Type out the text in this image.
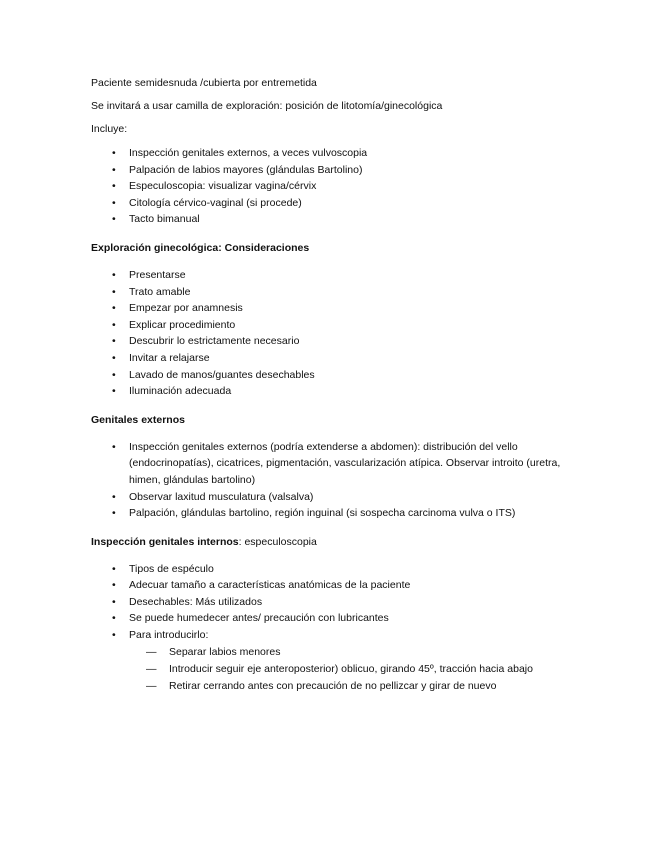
Paciente semidesnuda /cubierta por entremetida

Se invitará a usar camilla de exploración: posición de litotomía/ginecológica

Incluye:

• Inspección genitales externos, a veces vulvoscopia
• Palpación de labios mayores (glándulas Bartolino)
• Especuloscopia: visualizar vagina/cérvix
• Citología cérvico-vaginal (si procede)
• Tacto bimanual

Exploración ginecológica: Consideraciones

• Presentarse
• Trato amable
• Empezar por anamnesis
• Explicar procedimiento
• Descubrir lo estrictamente necesario
• Invitar a relajarse
• Lavado de manos/guantes desechables
• Iluminación adecuada

Genitales externos

• Inspección genitales externos (podría extenderse a abdomen): distribución del vello (endocrinopatías), cicatrices, pigmentación, vascularización atípica. Observar introito (uretra, himen, glándulas bartolino)
• Observar laxitud musculatura (valsalva)
• Palpación, glándulas bartolino, región inguinal (si sospecha carcinoma vulva o ITS)

Inspección genitales internos: especuloscopia

• Tipos de espéculo
• Adecuar tamaño a características anatómicas de la paciente
• Desechables: Más utilizados
• Se puede humedecer antes/ precaución con lubricantes
• Para introducirlo:
— Separar labios menores
— Introducir seguir eje anteroposterior) oblicuo, girando 45º, tracción hacia abajo
— Retirar cerrando antes con precaución de no pellizcar y girar de nuevo
